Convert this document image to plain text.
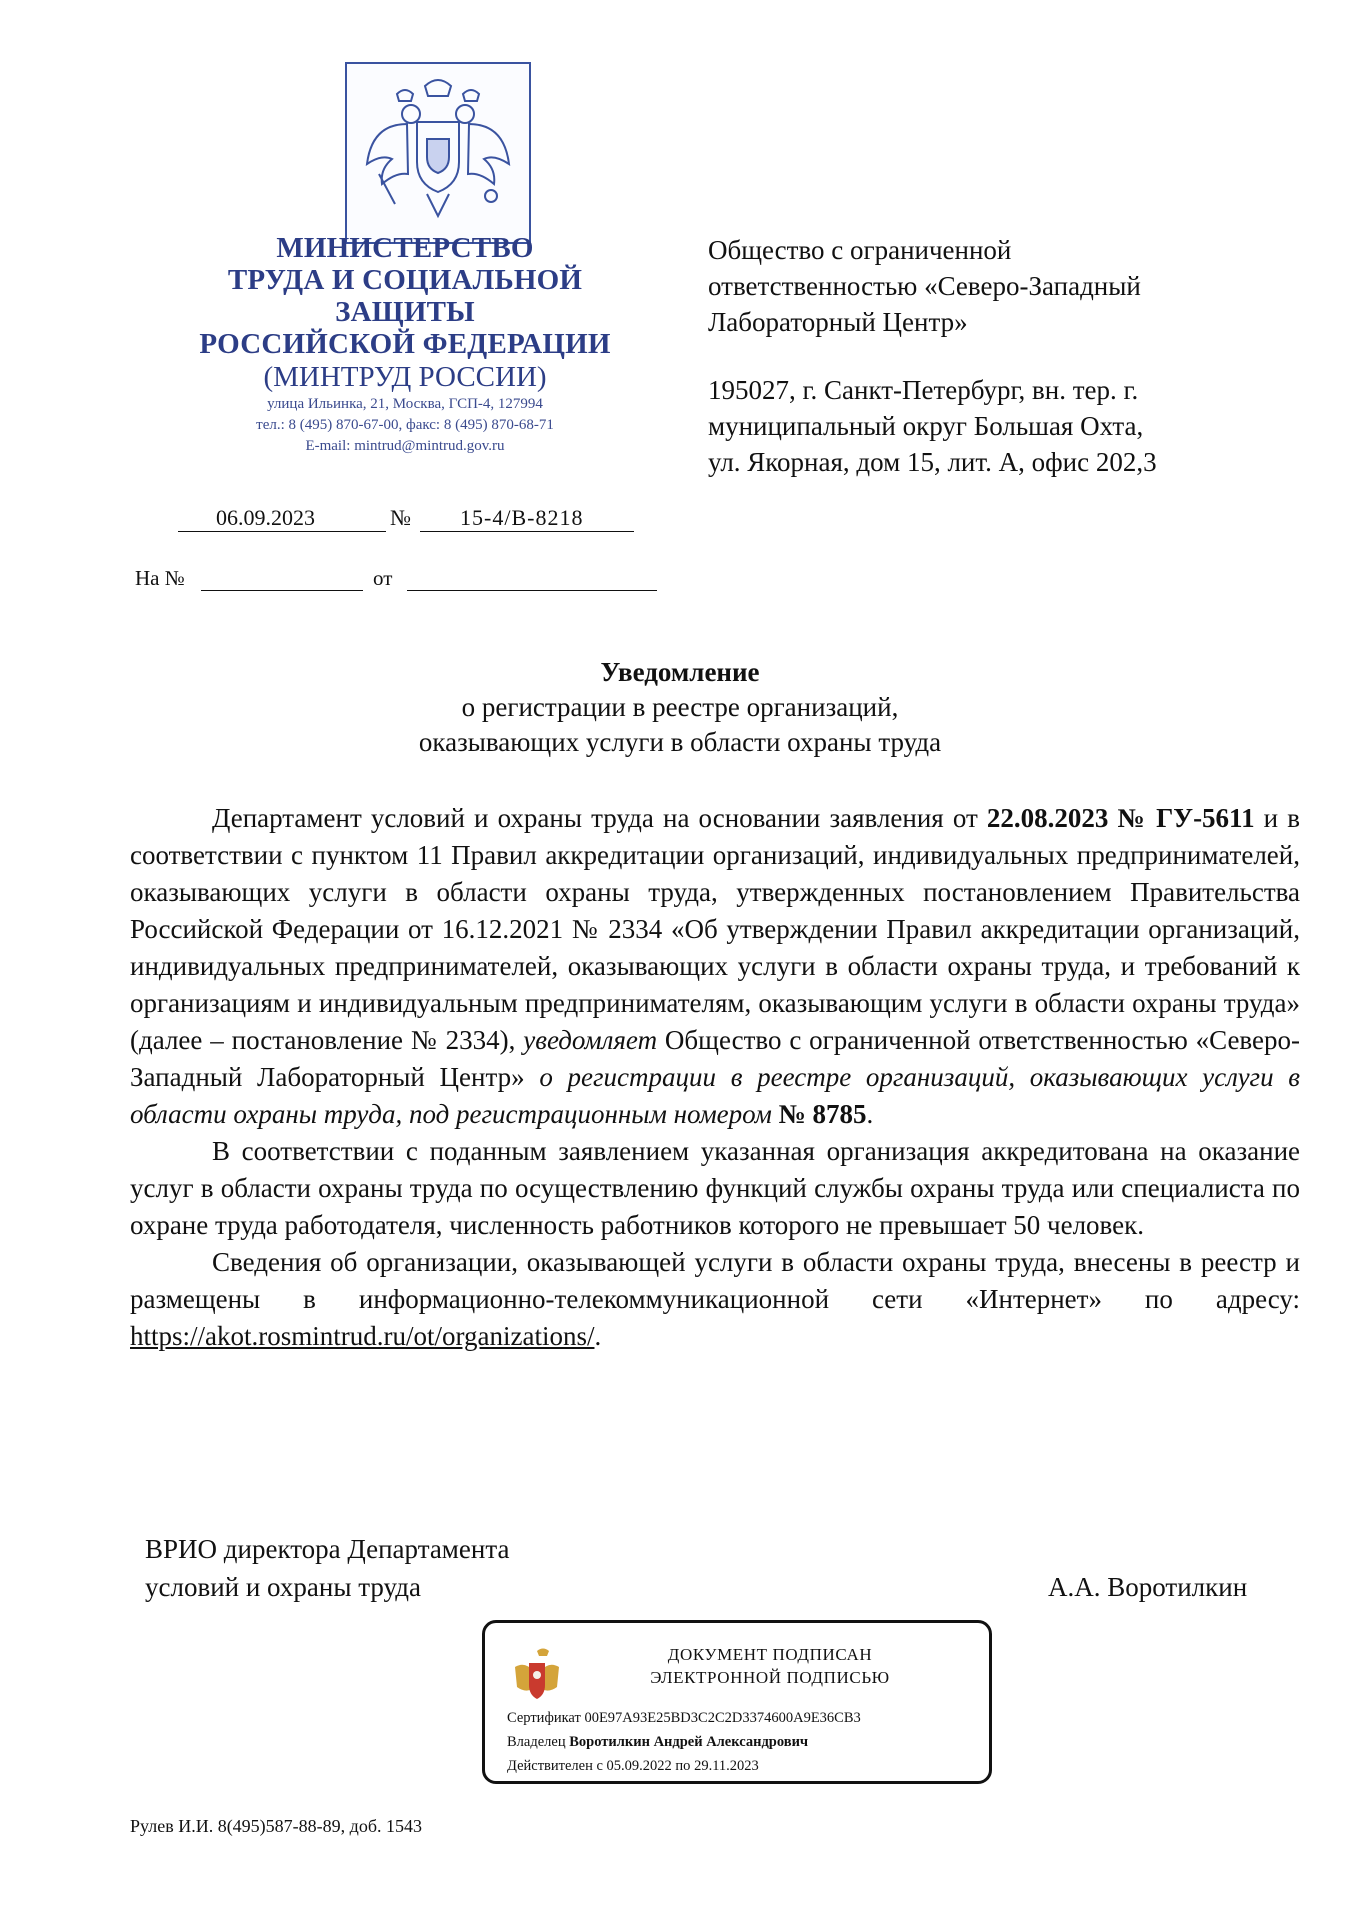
МИНИСТЕРСТВО
ТРУДА И СОЦИАЛЬНОЙ
ЗАЩИТЫ
РОССИЙСКОЙ ФЕДЕРАЦИИ
(МИНТРУД РОССИИ)
улица Ильинка, 21, Москва, ГСП-4, 127994
тел.: 8 (495) 870-67-00, факс: 8 (495) 870-68-71
E-mail: mintrud@mintrud.gov.ru
06.09.2023	№ 15-4/В-8218
На №	от

Общество с ограниченной

ответственностью «Северо-Западный

Лабораторный Центр»

195027, г. Санкт-Петербург, вн. тер. г.

муниципальный округ Большая Охта,

ул. Якорная, дом 15, лит. А, офис 202,3

Уведомление
о регистрации в реестре организаций,
оказывающих услуги в области охраны труда

Департамент условий и охраны труда на основании заявления от 22.08.2023 № ГУ-5611 и в соответствии с пунктом 11 Правил аккредитации организаций, индивидуальных предпринимателей, оказывающих услуги в области охраны труда, утвержденных постановлением Правительства Российской Федерации от 16.12.2021 № 2334 «Об утверждении Правил аккредитации организаций, индивидуальных предпринимателей, оказывающих услуги в области охраны труда, и требований к организациям и индивидуальным предпринимателям, оказывающим услуги в области охраны труда» (далее – постановление № 2334), уведомляет Общество с ограниченной ответственностью «Северо-Западный Лабораторный Центр» о регистрации в реестре организаций, оказывающих услуги в области охраны труда, под регистрационным номером № 8785.

В соответствии с поданным заявлением указанная организация аккредитована на оказание услуг в области охраны труда по осуществлению функций службы охраны труда или специалиста по охране труда работодателя, численность работников которого не превышает 50 человек.

Сведения об организации, оказывающей услуги в области охраны труда, внесены в реестр и размещены в информационно-телекоммуникационной сети «Интернет» по адресу: https://akot.rosmintrud.ru/ot/organizations/.

ВРИО директора Департамента
условий и охраны труда	А.А. Воротилкин
ДОКУМЕНТ ПОДПИСАН
ЭЛЕКТРОННОЙ ПОДПИСЬЮ
Сертификат 00E97A93E25BD3C2C2D3374600A9E36CB3
Владелец Воротилкин Андрей Александрович
Действителен с 05.09.2022 по 29.11.2023
Рулев И.И. 8(495)587-88-89, доб. 1543
